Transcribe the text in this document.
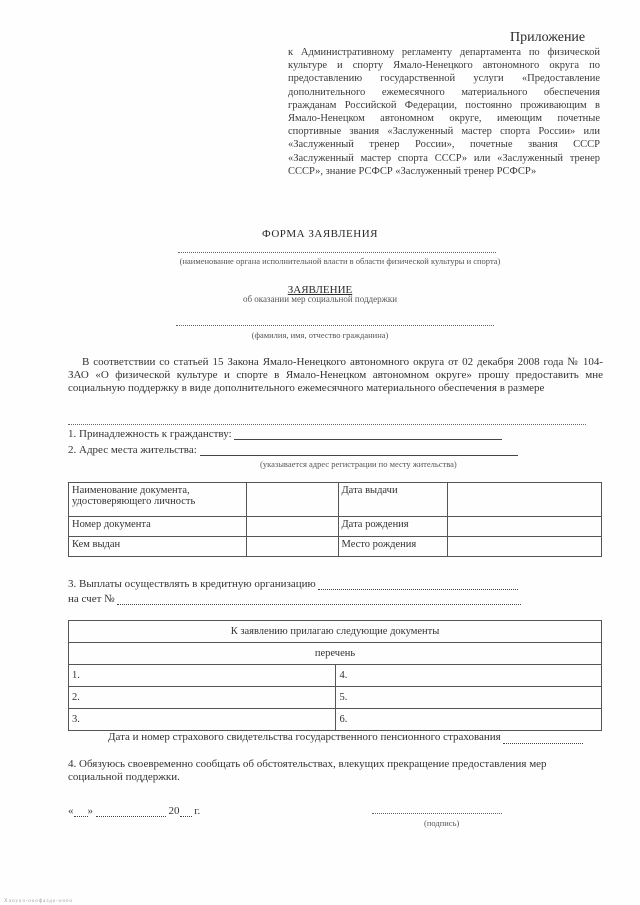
Приложение
к Административному регламенту департамента по физической культуре и спорту Ямало-Ненецкого автономного округа по предоставлению государственной услуги «Предоставление дополнительного ежемесячного материального обеспечения гражданам Российской Федерации, постоянно проживающим в Ямало-Ненецком автономном округе, имеющим почетные спортивные звания «Заслуженный мастер спорта России» или «Заслуженный тренер России», почетные звания СССР «Заслуженный мастер спорта СССР» или «Заслуженный тренер СССР», знание РСФСР «Заслуженный тренер РСФСР»
ФОРМА ЗАЯВЛЕНИЯ
(наименование органа исполнительной власти в области физической культуры и спорта)
ЗАЯВЛЕНИЕ
об оказании мер социальной поддержки
(фамилия, имя, отчество гражданина)

В соответствии со статьей 15 Закона Ямало-Ненецкого автономного округа от 02 декабря 2008 года № 104-ЗАО «О физической культуре и спорте в Ямало-Ненецком автономном округе» прошу предоставить мне социальную поддержку в виде дополнительного ежемесячного материального обеспечения в размере

1. Принадлежность к гражданству:
2. Адрес места жительства:
(указывается адрес регистрации по месту жительства)
Наименование документа, удостоверяющего личность		Дата выдачи	
Номер документа		Дата рождения	
Кем выдан		Место рождения	
3. Выплаты осуществлять в кредитную организацию
на счет №
К заявлению прилагаю следующие документы	
перечень	
1.	4.
2.	5.
3.	6.
Дата и номер страхового свидетельства государственного пенсионного страхования
4. Обязуюсь своевременно сообщать об обстоятельствах, влекущих прекращение предоставления мер социальной поддержки.
« »	20 г.
(подпись)
Хлоуол-ооофаэдо-оооо
